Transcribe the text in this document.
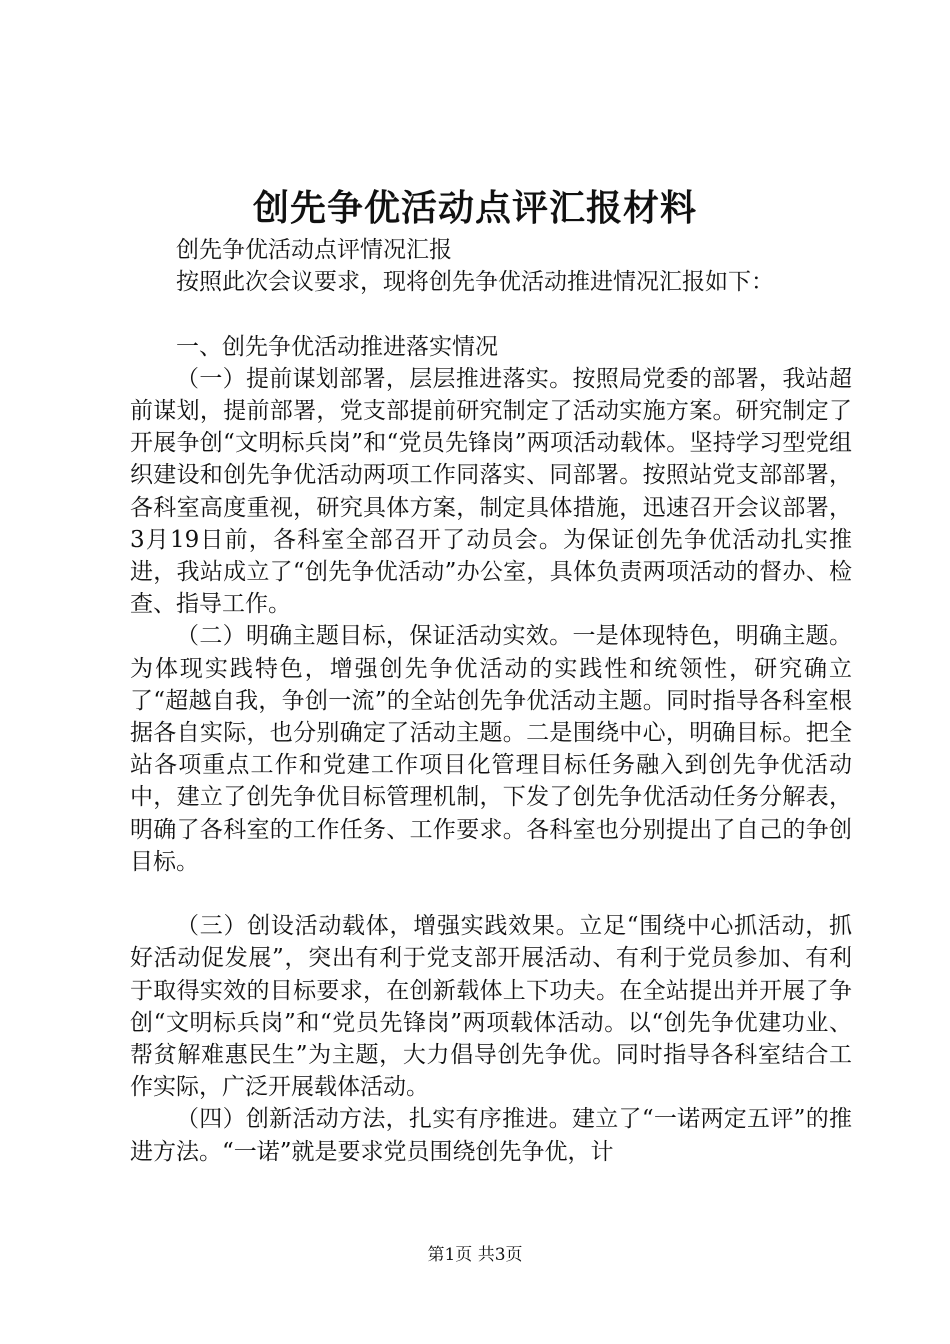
创先争优活动点评汇报材料

创先争优活动点评情况汇报

按照此次会议要求，现将创先争优活动推进情况汇报如下：

一、创先争优活动推进落实情况

（一）提前谋划部署，层层推进落实。按照局党委的部署，我站超前谋划，提前部署，党支部提前研究制定了活动实施方案。研究制定了开展争创“文明标兵岗”和“党员先锋岗”两项活动载体。坚持学习型党组织建设和创先争优活动两项工作同落实、同部署。按照站党支部部署，各科室高度重视，研究具体方案，制定具体措施，迅速召开会议部署，3月19日前，各科室全部召开了动员会。为保证创先争优活动扎实推进，我站成立了“创先争优活动”办公室，具体负责两项活动的督办、检查、指导工作。

（二）明确主题目标，保证活动实效。一是体现特色，明确主题。为体现实践特色，增强创先争优活动的实践性和统领性，研究确立了“超越自我，争创一流”的全站创先争优活动主题。同时指导各科室根据各自实际，也分别确定了活动主题。二是围绕中心，明确目标。把全站各项重点工作和党建工作项目化管理目标任务融入到创先争优活动中，建立了创先争优目标管理机制，下发了创先争优活动任务分解表，明确了各科室的工作任务、工作要求。各科室也分别提出了自己的争创目标。

（三）创设活动载体，增强实践效果。立足“围绕中心抓活动，抓好活动促发展”，突出有利于党支部开展活动、有利于党员参加、有利于取得实效的目标要求，在创新载体上下功夫。在全站提出并开展了争创“文明标兵岗”和“党员先锋岗”两项载体活动。以“创先争优建功业、帮贫解难惠民生”为主题，大力倡导创先争优。同时指导各科室结合工作实际，广泛开展载体活动。

（四）创新活动方法，扎实有序推进。建立了“一诺两定五评”的推进方法。“一诺”就是要求党员围绕创先争优，计

第1页 共3页
